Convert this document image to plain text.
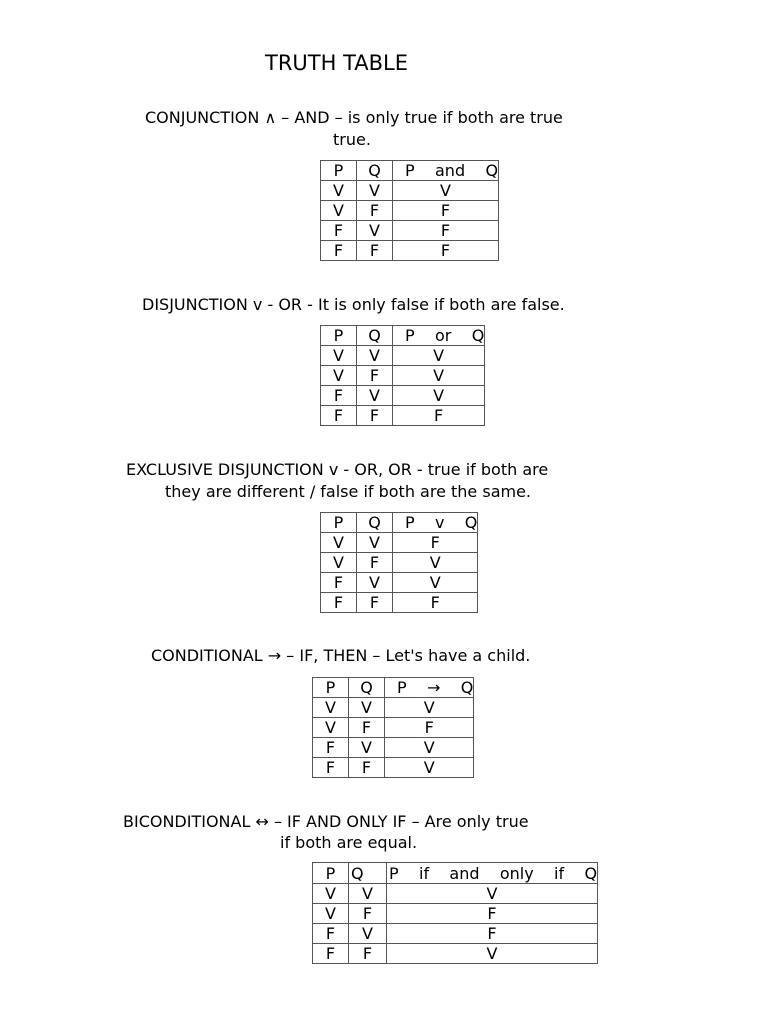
TRUTH TABLE
CONJUNCTION ∧ – AND – is only true if both are true
true.
P	Q	P    and    Q
V	V	V
V	F	F
F	V	F
F	F	F
DISJUNCTION v - OR - It is only false if both are false.
P	Q	P    or    Q
V	V	V
V	F	V
F	V	V
F	F	F
EXCLUSIVE DISJUNCTION v - OR, OR - true if both are
they are different / false if both are the same.
P	Q	P    v    Q
V	V	F
V	F	V
F	V	V
F	F	F
CONDITIONAL → – IF, THEN – Let's have a child.
P	Q	P    →    Q
V	V	V
V	F	F
F	V	V
F	F	V
BICONDITIONAL ↔ – IF AND ONLY IF – Are only true
if both are equal.
P	Q	P    if    and    only    if    Q
V	V	V
V	F	F
F	V	F
F	F	V
